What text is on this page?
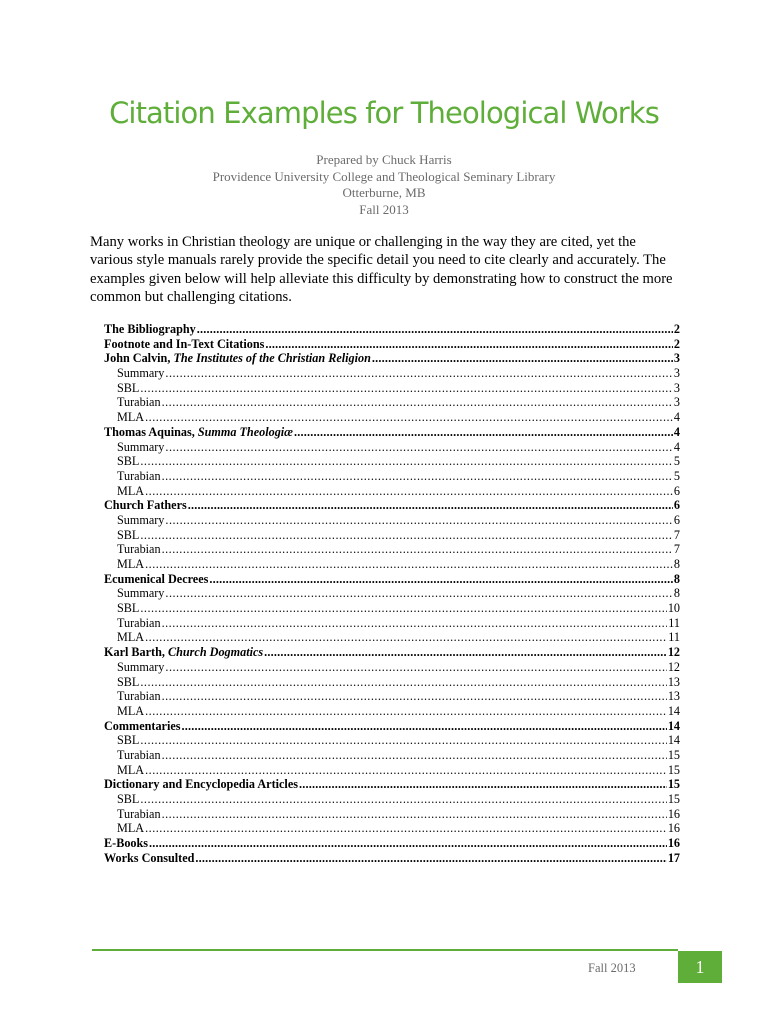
Citation Examples for Theological Works
Prepared by Chuck Harris
Providence University College and Theological Seminary Library
Otterburne, MB
Fall 2013

Many works in Christian theology are unique or challenging in the way they are cited, yet the various style manuals rarely provide the specific detail you need to cite clearly and accurately. The examples given below will help alleviate this difficulty by demonstrating how to construct the more common but challenging citations.

The Bibliography .....	2
Footnote and In-Text Citations .....	2
John Calvin, The Institutes of the Christian Religion .....	3
Summary .....	3
SBL .....	3
Turabian .....	3
MLA .....	4
Thomas Aquinas, Summa Theologiæ .....	4
Summary .....	4
SBL .....	5
Turabian .....	5
MLA .....	6
Church Fathers .....	6
Summary .....	6
SBL .....	7
Turabian .....	7
MLA .....	8
Ecumenical Decrees .....	8
Summary .....	8
SBL .....	10
Turabian .....	11
MLA .....	11
Karl Barth, Church Dogmatics .....	12
Summary .....	12
SBL .....	13
Turabian .....	13
MLA .....	14
Commentaries .....	14
SBL .....	14
Turabian .....	15
MLA .....	15
Dictionary and Encyclopedia Articles .....	15
SBL .....	15
Turabian .....	16
MLA .....	16
E-Books .....	16
Works Consulted .....	17
Fall 2013	1
